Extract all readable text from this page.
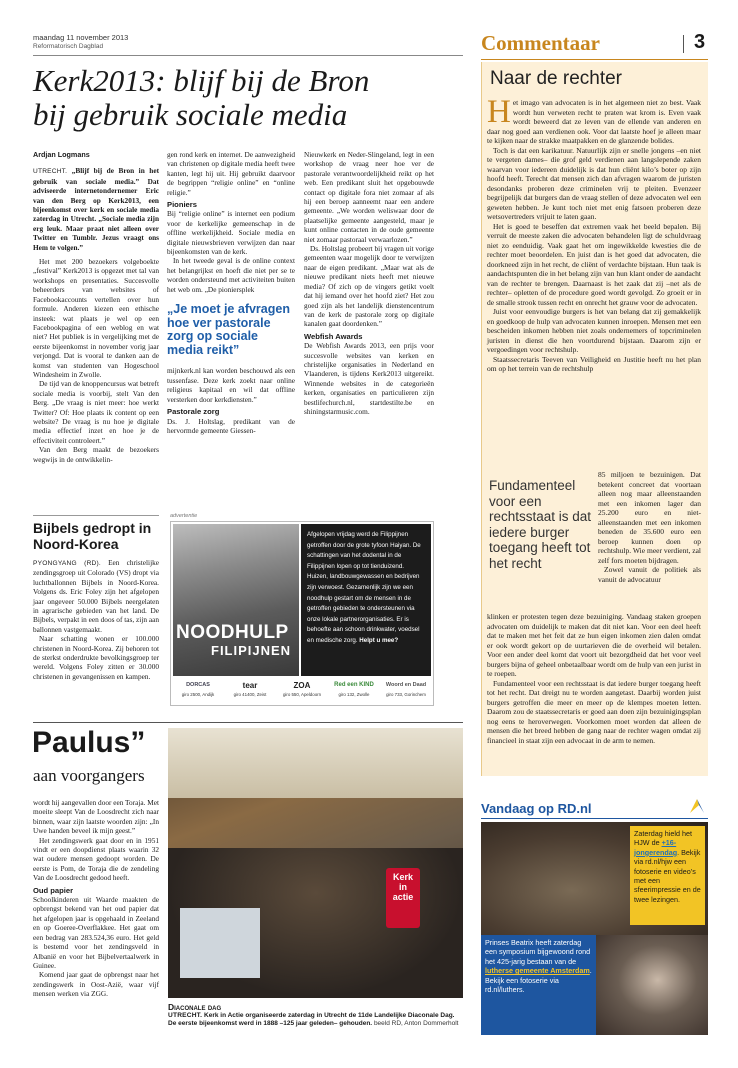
maandag 11 november 2013
Reformatorisch Dagblad	Commentaar	3
Kerk2013: blijf bij de Bron
bij gebruik sociale media
Ardjan Logmans

UTRECHT. „Blijf bij de Bron in het gebruik van sociale media.” Dat adviseerde internetondernemer Eric van den Berg op Kerk2013, een bijeenkomst over kerk en sociale media zaterdag in Utrecht. „Sociale media zijn erg leuk. Maar praat niet alleen over Twitter en Tumblr. Jezus vraagt ons Hem te volgen.”

Het met 200 bezoekers volgeboekte „festival” Kerk2013 is opgezet met tal van workshops en presentaties. Succesvolle beheerders van websites of Facebookaccounts vertellen over hun formule. Anderen kiezen een ethische insteek: wat plaats je wel op een Facebookpagina of een weblog en wat niet? Het publiek is in vergelijking met de eerste bijeenkomst in november vorig jaar verjongd. Dat is vooral te danken aan de komst van studenten van Hogeschool Windesheim in Zwolle.

De tijd van de knoppencursus wat betreft sociale media is voorbij, stelt Van den Berg. „De vraag is niet meer: hoe werkt Twitter? Of: Hoe plaats ik content op een website? De vraag is nu hoe je digitale media effectief inzet en hoe je de effectiviteit controleert.”

Van den Berg maakt de bezoekers wegwijs in de ontwikkelin-

gen rond kerk en internet. De aanwezigheid van christenen op digitale media heeft twee kanten, legt hij uit. Hij gebruikt daarvoor de begrippen “religie online” en “online religie.”

Pioniers

Bij “religie online” is internet een podium voor de kerkelijke gemeenschap in de offline werkelijkheid. Sociale media en digitale nieuwsbrieven verwijzen dan naar bijeenkomsten van de kerk.

In het tweede geval is de online context het belangrijkst en hoeft die niet per se te worden ondersteund met activiteiten buiten het web om. „De pioniersplek

„Je moet je afvragen hoe ver pastorale zorg op sociale media reikt”

mijnkerk.nl kan worden beschouwd als een tussenfase. Deze kerk zoekt naar online religieus kapitaal en wil dat offline versterken door kerkdiensten.”

Pastorale zorg

Ds. J. Holtslag, predikant van de hervormde gemeente Giessen-

Nieuwkerk en Neder-Slingeland, legt in een workshop de vraag neer hoe ver de pastorale verantwoordelijkheid reikt op het web. Een predikant sluit het opgebouwde contact op digitale fora niet zomaar af als hij een beroep aanneemt naar een andere gemeente. „We worden weliswaar door de plaatselijke gemeente aangesteld, maar je kunt online contacten in de oude gemeente niet zomaar pastoraal verwaarlozen.”

Ds. Holtslag probeert bij vragen uit vorige gemeenten waar mogelijk door te verwijzen naar de eigen predikant. „Maar wat als de nieuwe predikant niets heeft met nieuwe media? Of zich op de vingers getikt voelt dat hij iemand over het hoofd ziet? Het zou goed zijn als het landelijk dienstencentrum van de kerk de pastorale zorg op digitale kanalen gaat doordenken.”

Webfish Awards

De Webfish Awards 2013, een prijs voor succesvolle websites van kerken en christelijke organisaties in Nederland en Vlaanderen, is tijdens Kerk2013 uitgereikt. Winnende websites in de categorieën kerken, organisaties en particulieren zijn bestlifechurch.nl, startdestilte.be en shiningstarmusic.com.

Bijbels gedropt in Noord-Korea

PYONGYANG (RD). Een christelijke zendingsgroep uit Colorado (VS) dropt via luchtballonnen Bijbels in Noord-Korea. Volgens ds. Eric Foley zijn het afgelopen jaar ongeveer 50.000 Bijbels neergelaten in agrarische gebieden van het land. De Bijbels, verpakt in een doos of tas, zijn aan ballonnen vastgemaakt.

Naar schatting wonen er 100.000 christenen in Noord-Korea. Zij behoren tot de sterkst onderdrukte bevolkingsgroep ter wereld. Volgens Foley zitten er 30.000 christenen in gevangenissen en kampen.

advertentie
NOODHULP
FILIPIJNEN
Afgelopen vrijdag werd de Filippijnen getroffen door de grote tyfoon Haiyan. De schattingen van het dodental in de Filippijnen lopen op tot tienduizend. Huizen, landbouwgewassen en bedrijven zijn verwoest. Gezamenlijk zijn we een noodhulp gestart om de mensen in de getroffen gebieden te ondersteunen via onze lokale partnerorganisaties. Er is behoefte aan schoon drinkwater, voedsel en medische zorg. Helpt u mee?
DORCAS
giro 2500, Andijk
tear
giro 41400, Zeist
ZOA
giro 550, Apeldoorn
Red een KIND
giro 132, Zwolle
Woord en Daad
giro 733, Gorinchem
Paulus”
aan voorgangers

wordt hij aangevallen door een Toraja. Met moeite sleept Van de Loosdrecht zich naar binnen, waar zijn laatste woorden zijn: „In Uwe handen beveel ik mijn geest.”

Het zendingswerk gaat door en in 1951 vindt er een doopdienst plaats waarin 32 wat oudere mensen gedoopt worden. De eerste is Pom, de Toraja die de zendeling Van de Loosdrecht gedood heeft.

Oud papier

Schoolkinderen uit Waarde maakten de opbrengst bekend van het oud papier dat het afgelopen jaar is opgehaald in Zeeland en op Goeree-Overflakkee. Het gaat om een bedrag van 283.524,36 euro. Het geld is bestemd voor het zendingsveld in Albanië en voor het Bijbelvertaalwerk in Guinee.

Komend jaar gaat de opbrengst naar het zendingswerk in Oost-Azië, waar vijf mensen werken via ZGG.

Kerk in actie
Diaconale dag
UTRECHT. Kerk in Actie organiseerde zaterdag in Utrecht de 11de Landelijke Diaconale Dag. De eerste bijeenkomst werd in 1888 –125 jaar geleden– gehouden. beeld RD, Anton Dommerholt
Naar de rechter

Het imago van advocaten is in het algemeen niet zo best. Vaak wordt hun verweten recht te praten wat krom is. Even vaak wordt beweerd dat ze leven van de ellende van anderen en daar nog goed aan verdienen ook. Voor dat laatste hoef je alleen maar te kijken naar de strakke maatpakken en de glanzende bolides.

Toch is dat een karikatuur. Natuurlijk zijn er snelle jongens –en niet te vergeten dames– die grof geld verdienen aan langslepende zaken waarvan voor iedereen duidelijk is dat hun cliënt kilo’s boter op zijn hoofd heeft. Terecht dat mensen zich dan afvragen waarom de juristen desondanks proberen deze criminelen vrij te pleiten. Evenzeer begrijpelijk dat burgers dan de vraag stellen of deze advocaten wel een geweten hebben. Je kunt toch niet met enig fatsoen proberen deze wetsovertreders vrijuit te laten gaan.

Het is goed te beseffen dat extremen vaak het beeld bepalen. Bij verruit de meeste zaken die advocaten behandelen ligt de schuldvraag niet zo eenduidig. Vaak gaat het om ingewikkelde kwesties die de rechter moet beoordelen. En juist dan is het goed dat advocaten, die doorkneed zijn in het recht, de cliënt of verdachte bijstaan. Hun taak is aandachtspunten die in het belang zijn van hun klant onder de aandacht van de rechter te brengen. Daarnaast is het zaak dat zij –net als de rechter– opletten of de procedure goed wordt gevolgd. Zo groeit er in de smalle strook tussen recht en onrecht het grauw voor de advocaten.

Juist voor eenvoudige burgers is het van belang dat zij gemakkelijk en goedkoop de hulp van advocaten kunnen inroepen. Mensen met een bescheiden inkomen hebben niet zoals ondernemers of topcriminelen juristen in dienst die hen voortdurend bijstaan. Daarom zijn er vergoedingen voor rechtshulp.

Staatssecretaris Teeven van Veiligheid en Justitie heeft nu het plan om op het terrein van de rechtshulp

Fundamenteel voor een rechtsstaat is dat iedere burger toegang heeft tot het recht

85 miljoen te bezuinigen. Dat betekent concreet dat voortaan alleen nog maar alleenstaanden met een inkomen lager dan 25.200 euro en niet-alleenstaanden met een inkomen beneden de 35.600 euro een beroep kunnen doen op rechtshulp. Wie meer verdient, zal zelf fors moeten bijdragen.

Zowel vanuit de politiek als vanuit de advocatuur

klinken er protesten tegen deze bezuiniging. Vandaag staken groepen advocaten om duidelijk te maken dat dit niet kan. Voor een deel heeft dat te maken met het feit dat ze hun eigen inkomen zien dalen omdat er ook wordt gekort op de uurtarieven die de overheid wil betalen. Voor een ander deel komt dat voort uit bezorgdheid dat het voor veel burgers bijna of geheel onbetaalbaar wordt om de hulp van een jurist in te roepen.

Fundamenteel voor een rechtsstaat is dat iedere burger toegang heeft tot het recht. Dat dreigt nu te worden aangetast. Daarbij worden juist burgers getroffen die meer en meer op de klempes moeten letten. Daarom zou de staatssecretaris er goed aan doen zijn bezuinigingsplan nog eens te heroverwegen. Voorkomen moet worden dat alleen de mensen die het breed hebben de gang naar de rechter wagen omdat zij financieel in staat zijn een advocaat in de arm te nemen.

Vandaag op RD.nl
Zaterdag hield het HJW de +16-jongerendag. Bekijk via rd.nl/hjw een fotoserie en video’s met een sfeerimpressie en de twee lezingen.
Prinses Beatrix heeft zaterdag een symposium bijgewoond rond het 425-jarig bestaan van de lutherse gemeente Amsterdam. Bekijk een fotoserie via rd.nl/luthers.
